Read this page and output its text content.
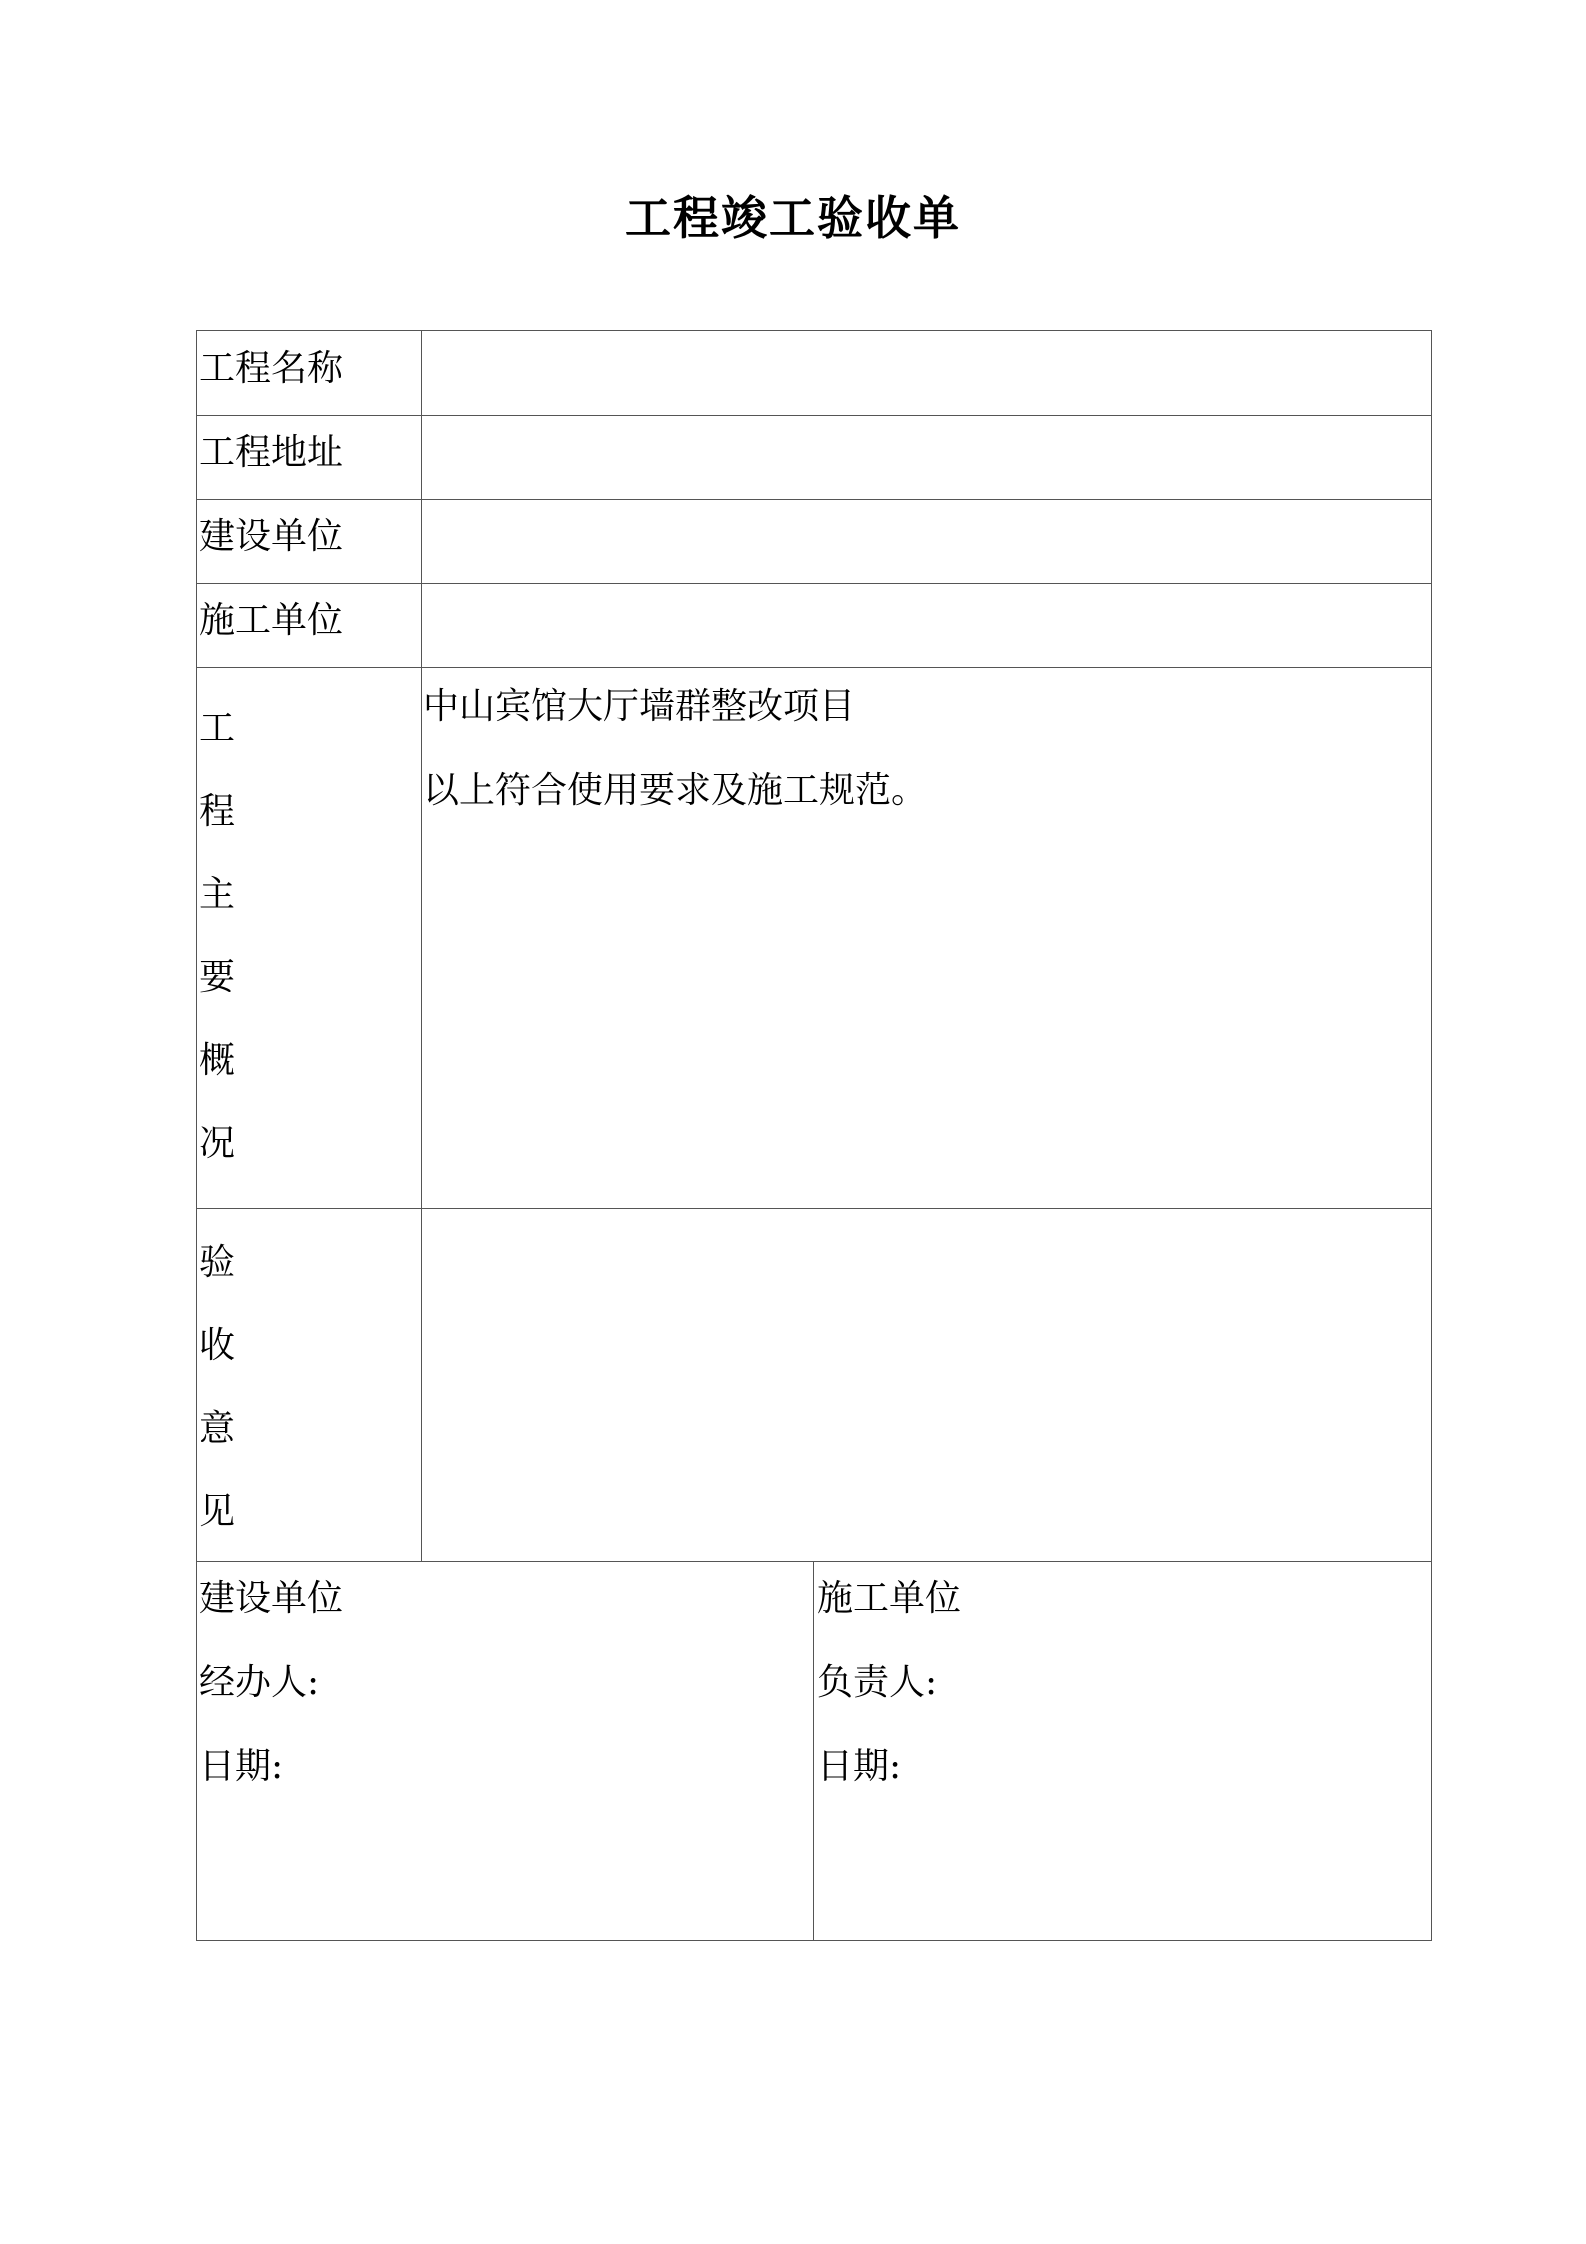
工程竣工验收单
工程名称
工程地址
建设单位
施工单位
工
程
主
要
概
况
中山宾馆大厅墙群整改项目
以上符合使用要求及施工规范。
验
收
意
见
建设单位
经办人:
日期:
施工单位
负责人:
日期:
